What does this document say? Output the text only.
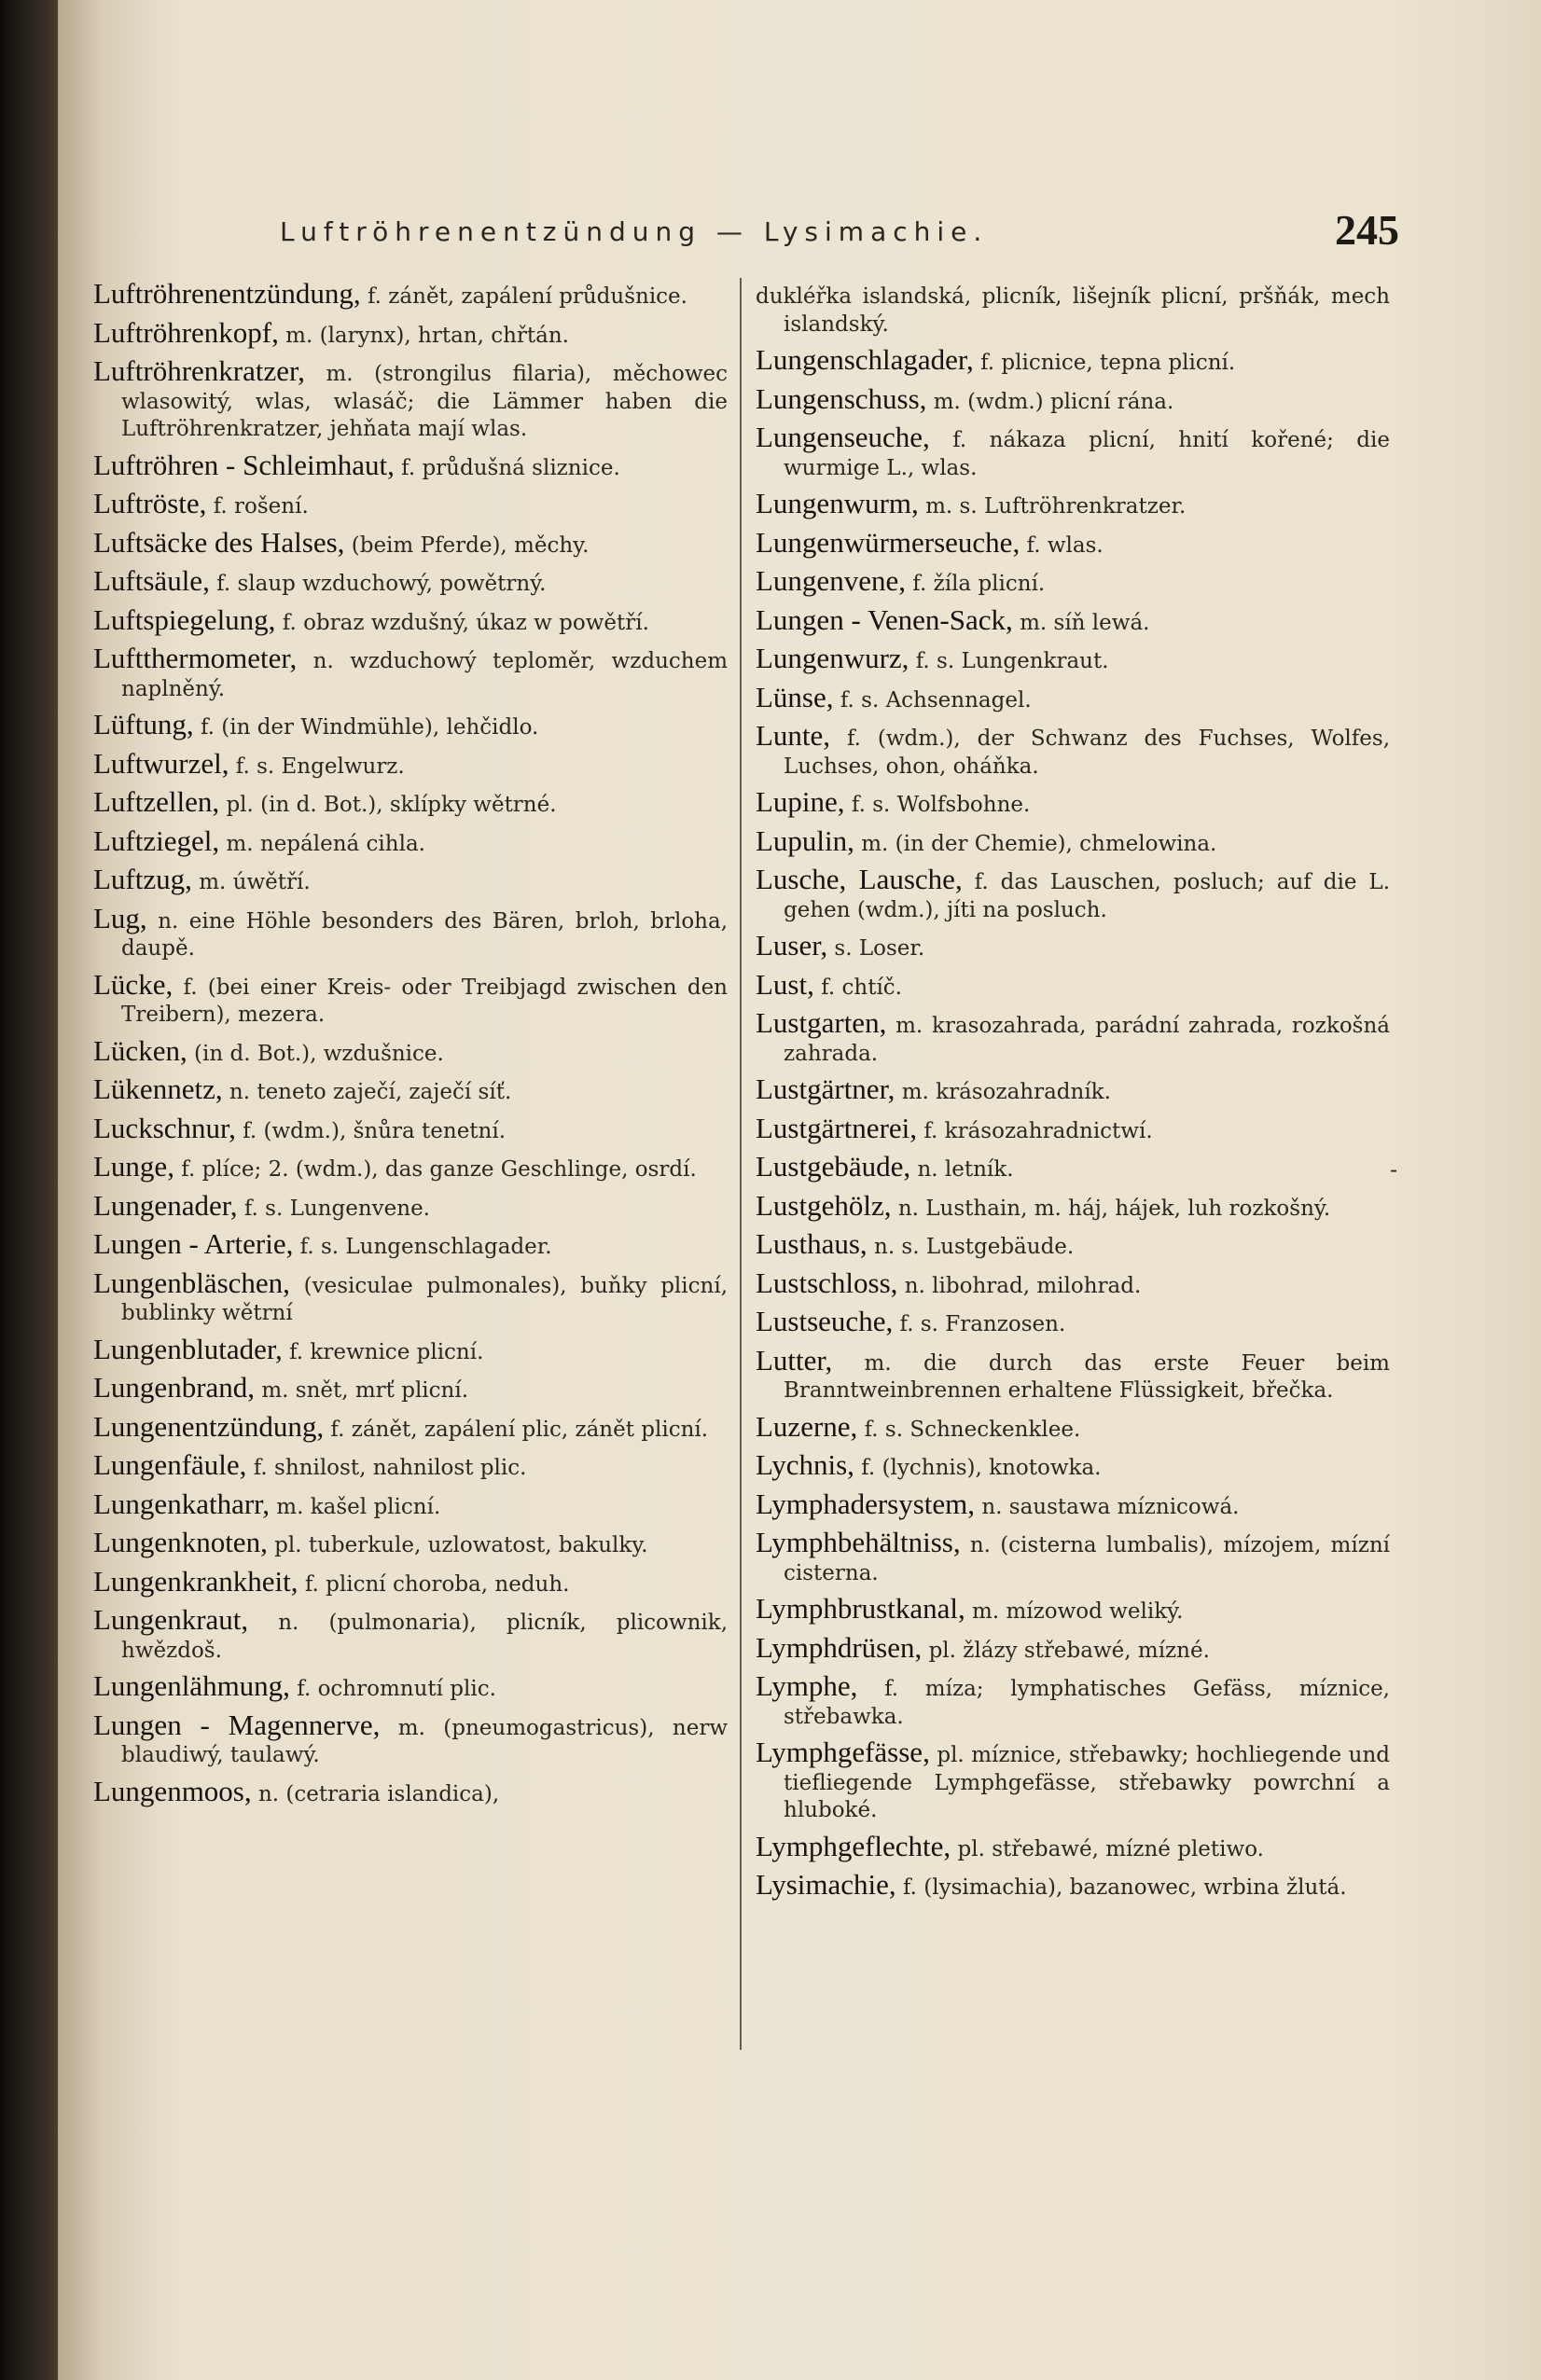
Luftröhrenentzündung — Lysimachie.	245
Luftröhrenentzündung, f. zánět, zapálení průdušnice.
Luftröhrenkopf, m. (larynx), hrtan, chřtán.
Luftröhrenkratzer, m. (strongilus filaria), měchowec wlasowitý, wlas, wlasáč; die Lämmer haben die Luftröhrenkratzer, jehňata mají wlas.
Luftröhren - Schleimhaut, f. průdušná sliznice.
Luftröste, f. rošení.
Luftsäcke des Halses, (beim Pferde), měchy.
Luftsäule, f. slaup wzduchowý, powětrný.
Luftspiegelung, f. obraz wzdušný, úkaz w powětří.
Luftthermometer, n. wzduchowý teploměr, wzduchem naplněný.
Lüftung, f. (in der Windmühle), lehčidlo.
Luftwurzel, f. s. Engelwurz.
Luftzellen, pl. (in d. Bot.), sklípky wětrné.
Luftziegel, m. nepálená cihla.
Luftzug, m. úwětří.
Lug, n. eine Höhle besonders des Bären, brloh, brloha, daupě.
Lücke, f. (bei einer Kreis- oder Treibjagd zwischen den Treibern), mezera.
Lücken, (in d. Bot.), wzdušnice.
Lükennetz, n. teneto zaječí, zaječí síť.
Luckschnur, f. (wdm.), šnůra tenetní.
Lunge, f. plíce; 2. (wdm.), das ganze Geschlinge, osrdí.
Lungenader, f. s. Lungenvene.
Lungen - Arterie, f. s. Lungenschlagader.
Lungenbläschen, (vesiculae pulmonales), buňky plicní, bublinky wětrní
Lungenblutader, f. krewnice plicní.
Lungenbrand, m. snět, mrť plicní.
Lungenentzündung, f. zánět, zapálení plic, zánět plicní.
Lungenfäule, f. shnilost, nahnilost plic.
Lungenkatharr, m. kašel plicní.
Lungenknoten, pl. tuberkule, uzlowatost, bakulky.
Lungenkrankheit, f. plicní choroba, neduh.
Lungenkraut, n. (pulmonaria), plicník, plicownik, hwězdoš.
Lungenlähmung, f. ochromnutí plic.
Lungen - Magennerve, m. (pneumogastricus), nerw blaudiwý, taulawý.
Lungenmoos, n. (cetraria islandica),
dukléřka islandská, plicník, lišejník plicní, pršňák, mech islandský.
Lungenschlagader, f. plicnice, tepna plicní.
Lungenschuss, m. (wdm.) plicní rána.
Lungenseuche, f. nákaza plicní, hnití kořené; die wurmige L., wlas.
Lungenwurm, m. s. Luftröhrenkratzer.
Lungenwürmerseuche, f. wlas.
Lungenvene, f. žíla plicní.
Lungen - Venen-Sack, m. síň lewá.
Lungenwurz, f. s. Lungenkraut.
Lünse, f. s. Achsennagel.
Lunte, f. (wdm.), der Schwanz des Fuchses, Wolfes, Luchses, ohon, oháňka.
Lupine, f. s. Wolfsbohne.
Lupulin, m. (in der Chemie), chmelowina.
Lusche, Lausche, f. das Lauschen, posluch; auf die L. gehen (wdm.), jíti na posluch.
Luser, s. Loser.
Lust, f. chtíč.
Lustgarten, m. krasozahrada, parádní zahrada, rozkošná zahrada.
Lustgärtner, m. krásozahradník.
Lustgärtnerei, f. krásozahradnictwí.
Lustgebäude, n. letník.
Lustgehölz, n. Lusthain, m. háj, hájek, luh rozkošný.
Lusthaus, n. s. Lustgebäude.
Lustschloss, n. libohrad, milohrad.
Lustseuche, f. s. Franzosen.
Lutter, m. die durch das erste Feuer beim Branntweinbrennen erhaltene Flüssigkeit, břečka.
Luzerne, f. s. Schneckenklee.
Lychnis, f. (lychnis), knotowka.
Lymphadersystem, n. saustawa míznicowá.
Lymphbehältniss, n. (cisterna lumbalis), mízojem, mízní cisterna.
Lymphbrustkanal, m. mízowod weliký.
Lymphdrüsen, pl. žlázy střebawé, mízné.
Lymphe, f. míza; lymphatisches Gefäss, míznice, střebawka.
Lymphgefässe, pl. míznice, střebawky; hochliegende und tiefliegende Lymphgefässe, střebawky powrchní a hluboké.
Lymphgeflechte, pl. střebawé, mízné pletiwo.
Lysimachie, f. (lysimachia), bazanowec, wrbina žlutá.
-
